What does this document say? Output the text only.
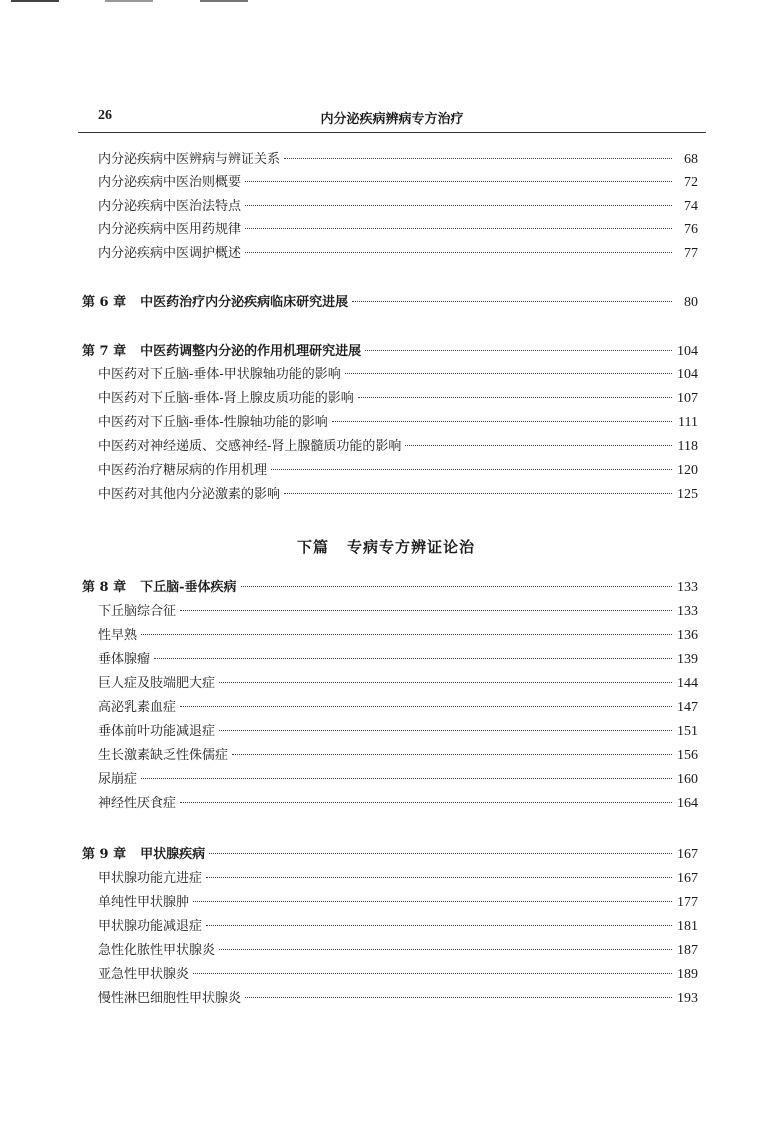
26	内分泌疾病辨病专方治疗
内分泌疾病中医辨病与辨证关系	68
内分泌疾病中医治则概要	72
内分泌疾病中医治法特点	74
内分泌疾病中医用药规律	76
内分泌疾病中医调护概述	77
第 6 章 中医药治疗内分泌疾病临床研究进展	80
第 7 章 中医药调整内分泌的作用机理研究进展	104
中医药对下丘脑-垂体-甲状腺轴功能的影响	104
中医药对下丘脑-垂体-肾上腺皮质功能的影响	107
中医药对下丘脑-垂体-性腺轴功能的影响	111
中医药对神经递质、交感神经-肾上腺髓质功能的影响	118
中医药治疗糖尿病的作用机理	120
中医药对其他内分泌激素的影响	125
第 8 章 下丘脑-垂体疾病	133
下丘脑综合征	133
性早熟	136
垂体腺瘤	139
巨人症及肢端肥大症	144
高泌乳素血症	147
垂体前叶功能减退症	151
生长激素缺乏性侏儒症	156
尿崩症	160
神经性厌食症	164
第 9 章 甲状腺疾病	167
甲状腺功能亢进症	167
单纯性甲状腺肿	177
甲状腺功能减退症	181
急性化脓性甲状腺炎	187
亚急性甲状腺炎	189
慢性淋巴细胞性甲状腺炎	193
下篇 专病专方辨证论治
